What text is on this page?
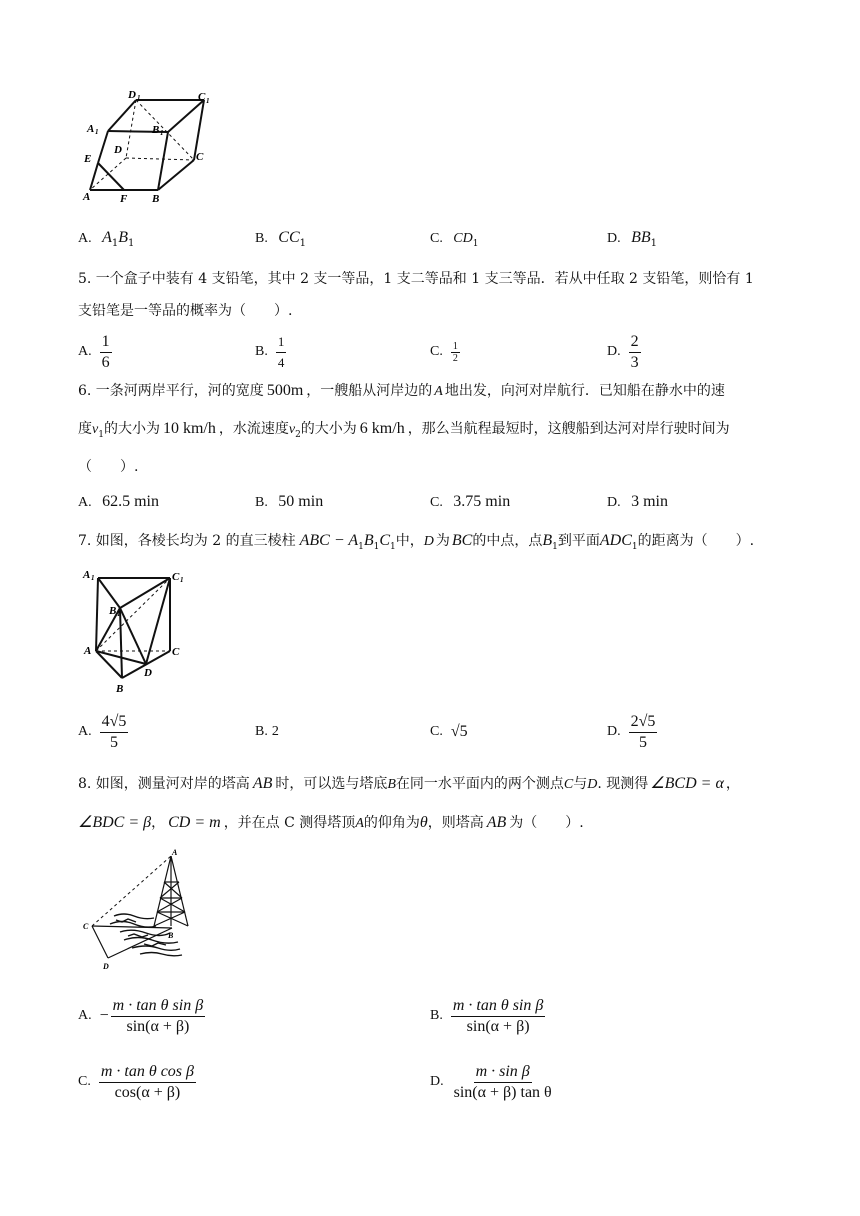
D 1	C 1
A 1	B 1
D
C
E
A	F B
A. $A_1B_1$	B. $CC_1$	C. $CD_1$	D. $BB_1$
5. 一个盒子中装有 4 支铅笔，其中 2 支一等品，1 支二等品和 1 支三等品．若从中任取 2 支铅笔，则恰有 1
支铅笔是一等品的概率为（　　）.
A. $\frac{1}{6}$	B. $\frac{1}{4}$	C. $\frac{1}{2}$	D. $\frac{2}{3}$
6. 一条河两岸平行，河的宽度 500m ，一艘船从河岸边的 A 地出发，向河对岸航行．已知船在静水中的速
度$v_1$的大小为 10 km/h ，水流速度$v_2$的大小为 6 km/h ，那么当航程最短时，这艘船到达河对岸行驶时间为
（　　）.
A. 62.5 min	B. 50 min	C. 3.75 min	D. 3 min
7. 如图，各棱长均为 2 的直三棱柱 ABC − $A_1B_1C_1$中，D 为 BC的中点，点$B_1$到平面$ADC_1$的距离为（　　）.
A 1	C 1
B 1
A	C
D
B
A. $\frac{4√5}{5}$	B. 2	C. √5	D. $\frac{2√5}{5}$
8. 如图，测量河对岸的塔高 AB 时，可以选与塔底B在同一水平面内的两个测点C与D. 现测得 ∠BCD = α ，
∠BDC = β， CD = m ，并在点 C 测得塔顶A的仰角为θ，则塔高 AB 为（　　）.
A
C
B
D
A. − $\frac{\text{m · tan θ sin β}}{\sin(\alpha + \beta)}$	B. $\frac{\text{m · tan θ sin β}}{\sin(\alpha + \beta)}$
C. $\frac{\text{m · tan θ cos β}}{\cos(\alpha + \beta)}$	D. $\frac{\text{m · sin β}}{\text{sin(α + β) tan θ}}$
